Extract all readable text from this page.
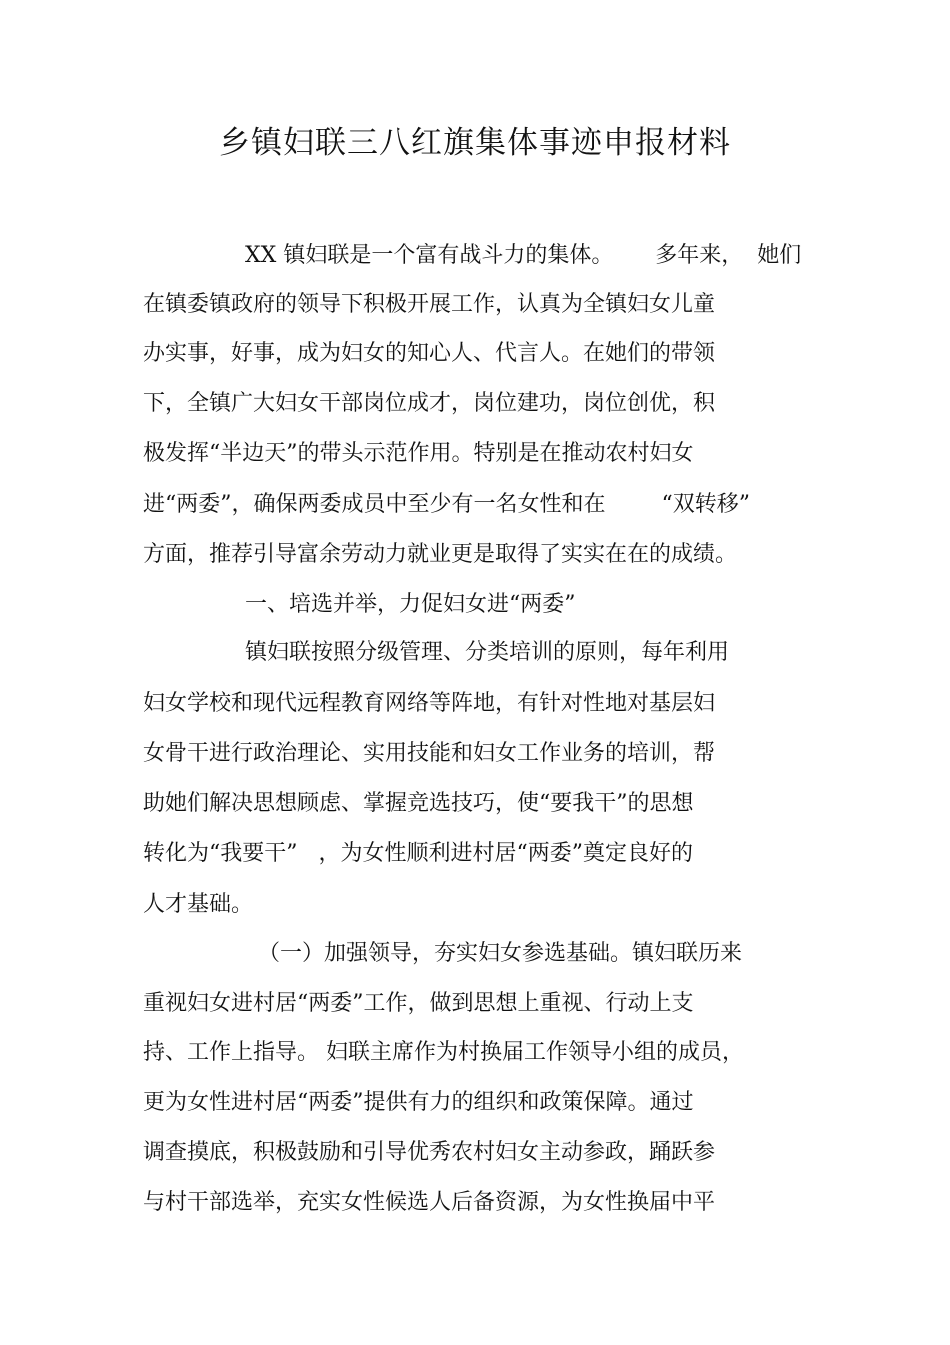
乡镇妇联三八红旗集体事迹申报材料
XX 镇妇联是一个富有战斗力的集体。      多年来，  她们
在镇委镇政府的领导下积极开展工作，认真为全镇妇女儿童
办实事，好事，成为妇女的知心人、代言人。在她们的带领
下，全镇广大妇女干部岗位成才，岗位建功，岗位创优，积
极发挥“半边天”的带头示范作用。特别是在推动农村妇女
进“两委”，确保两委成员中至少有一名女性和在        “双转移”
方面，推荐引导富余劳动力就业更是取得了实实在在的成绩。
一、培选并举，力促妇女进“两委”
镇妇联按照分级管理、分类培训的原则，每年利用
妇女学校和现代远程教育网络等阵地，有针对性地对基层妇
女骨干进行政治理论、实用技能和妇女工作业务的培训，帮
助她们解决思想顾虑、掌握竞选技巧，使“要我干”的思想
转化为“我要干”   ，为女性顺利进村居“两委”奠定良好的
人才基础。
（一）加强领导，夯实妇女参选基础。镇妇联历来
重视妇女进村居“两委”工作，做到思想上重视、行动上支
持、工作上指导。 妇联主席作为村换届工作领导小组的成员，
更为女性进村居“两委”提供有力的组织和政策保障。通过
调查摸底，积极鼓励和引导优秀农村妇女主动参政，踊跃参
与村干部选举，充实女性候选人后备资源，为女性换届中平
